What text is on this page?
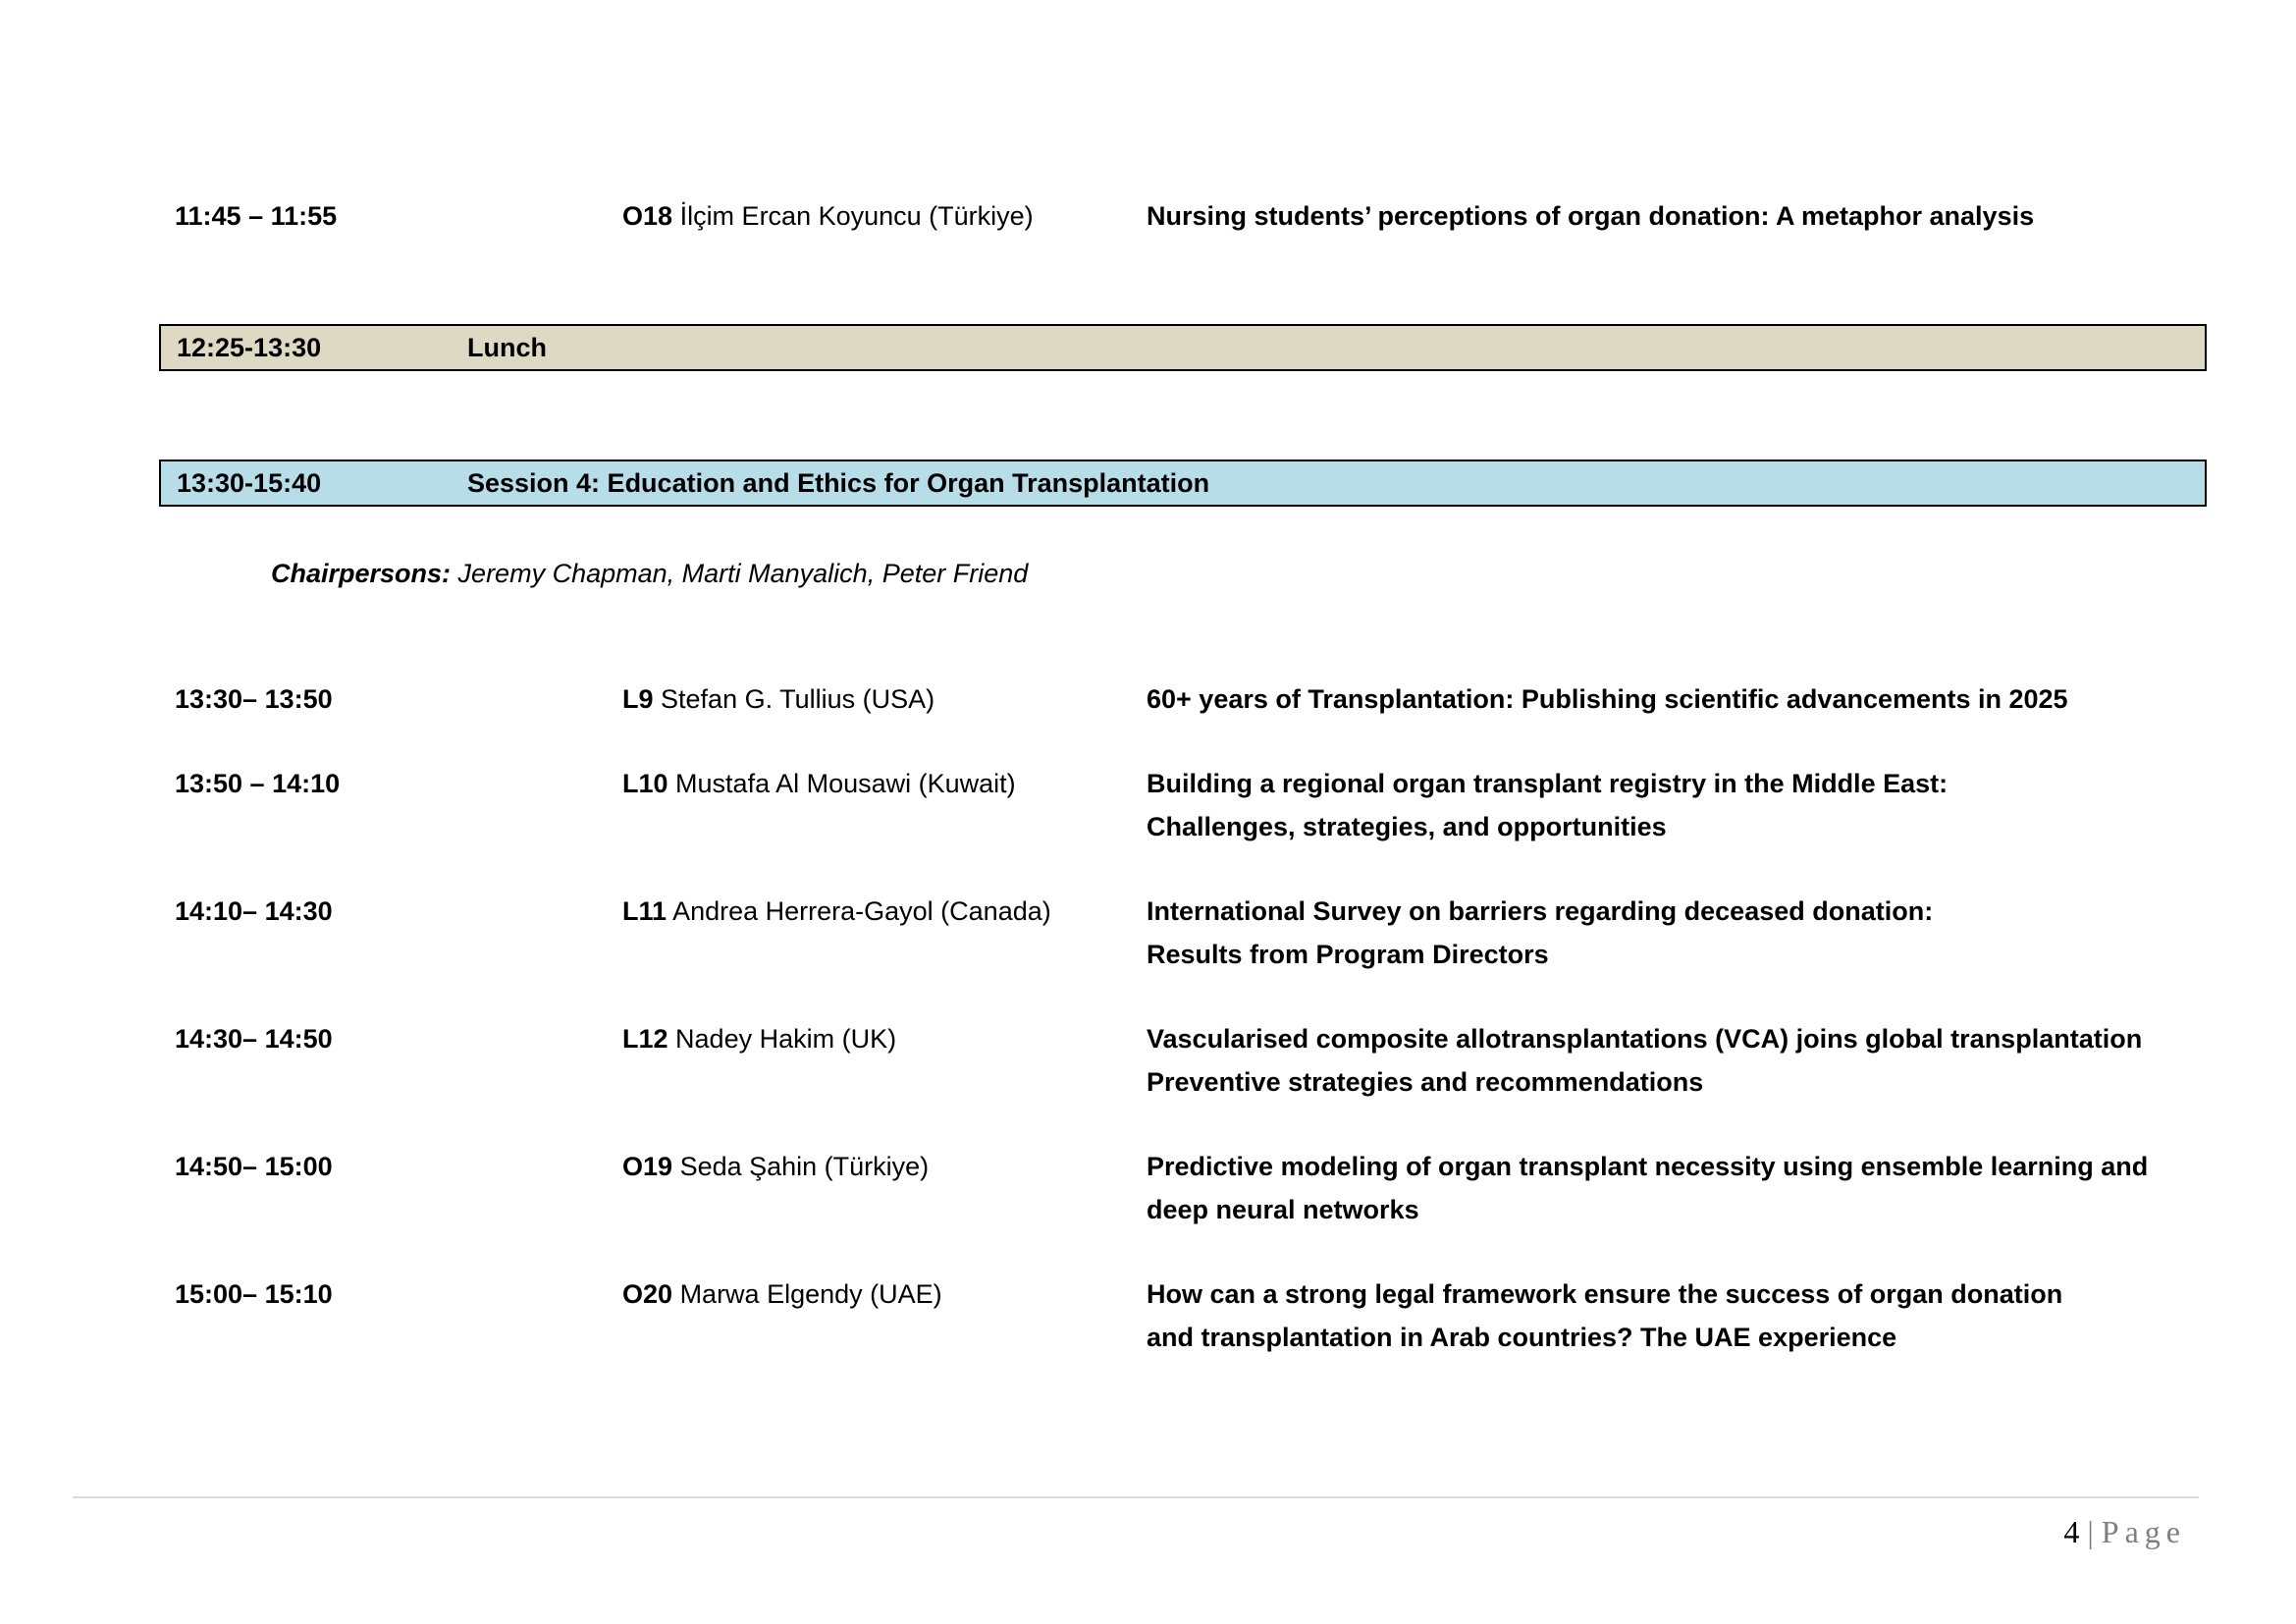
11:45 – 11:55	O18 İlçim Ercan Koyuncu (Türkiye)	Nursing students’ perceptions of organ donation: A metaphor analysis
12:25-13:30	Lunch
13:30-15:40	Session 4: Education and Ethics for Organ Transplantation
Chairpersons: Jeremy Chapman, Marti Manyalich, Peter Friend
13:30– 13:50	L9 Stefan G. Tullius (USA)	60+ years of Transplantation: Publishing scientific advancements in 2025
13:50 – 14:10	L10 Mustafa Al Mousawi (Kuwait)	Building a regional organ transplant registry in the Middle East:
Challenges, strategies, and opportunities
14:10– 14:30	L11 Andrea Herrera-Gayol (Canada)	International Survey on barriers regarding deceased donation:
Results from Program Directors
14:30– 14:50	L12 Nadey Hakim (UK)	Vascularised composite allotransplantations (VCA) joins global transplantation
Preventive strategies and recommendations
14:50– 15:00	O19 Seda Şahin (Türkiye)	Predictive modeling of organ transplant necessity using ensemble learning and
deep neural networks
15:00– 15:10	O20 Marwa Elgendy (UAE)	How can a strong legal framework ensure the success of organ donation
and transplantation in Arab countries? The UAE experience
4 | Page
